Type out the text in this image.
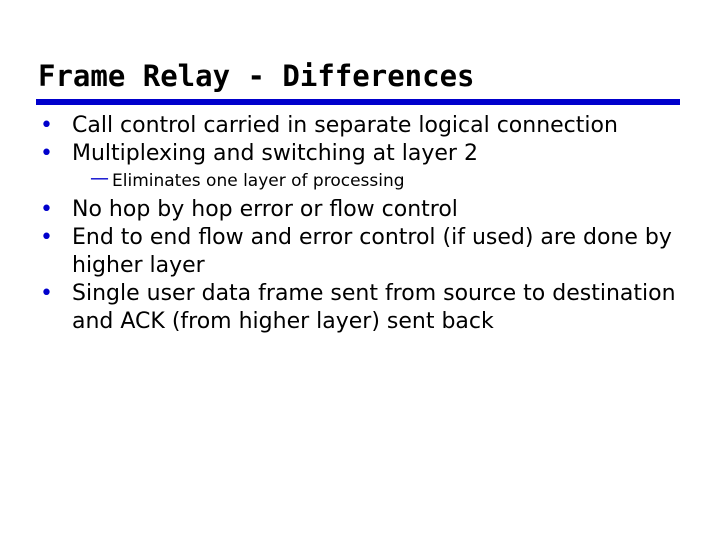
Frame Relay - Differences
• Call control carried in separate logical connection
• Multiplexing and switching at layer 2
— Eliminates one layer of processing
• No hop by hop error or flow control
• End to end flow and error control (if used) are done by higher layer
• Single user data frame sent from source to destination and ACK (from higher layer) sent back
